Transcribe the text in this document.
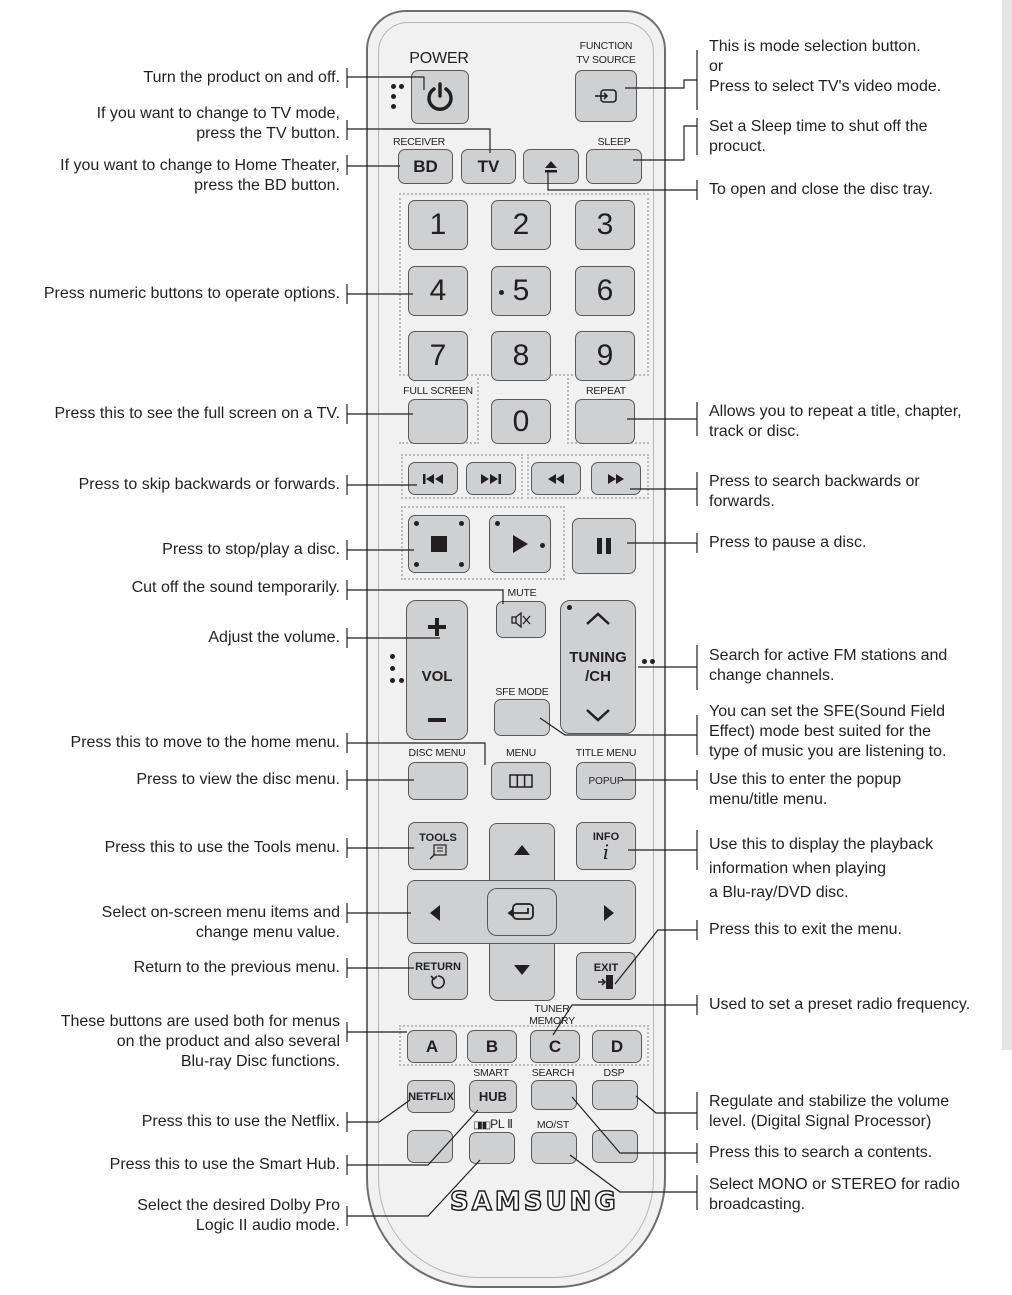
POWER
FUNCTION
TV SOURCE
RECEIVER	SLEEP
BD	TV
1	2	3
4	5	6
7	8	9
FULL SCREEN	REPEAT
0
MUTE
VOL
TUNING
/CH
SFE MODE
DISC MENU	MENU	TITLE MENU
POPUP
TOOLS	INFO
i
RETURN	EXIT
TUNER
MEMORY
A	B	C	D
SMART SEARCH	DSP
NETFLIX	HUB
◨◧PL Ⅱ MO/ST
SAMSUNG
Turn the product on and off.
If you want to change to TV mode,
press the TV button.
If you want to change to Home Theater,
press the BD button.
Press numeric buttons to operate options.
Press this to see the full screen on a TV.
Press to skip backwards or forwards.
Press to stop/play a disc.
Cut off the sound temporarily.
Adjust the volume.
Press this to move to the home menu.
Press to view the disc menu.
Press this to use the Tools menu.
Select on-screen menu items and
change menu value.
Return to the previous menu.
These buttons are used both for menus
on the product and also several
Blu-ray Disc functions.
Press this to use the Netflix.
Press this to use the Smart Hub.
Select the desired Dolby Pro
Logic II audio mode.
This is mode selection button.
or
Press to select TV's video mode.
Set a Sleep time to shut off the
procuct.
To open and close the disc tray.
Allows you to repeat a title, chapter,
track or disc.
Press to search backwards or
forwards.
Press to pause a disc.
Search for active FM stations and
change channels.
You can set the SFE(Sound Field
Effect) mode best suited for the
type of music you are listening to.
Use this to enter the popup
menu/title menu.
Use this to display the playback
information when playing
a Blu-ray/DVD disc.
Press this to exit the menu.
Used to set a preset radio frequency.
Regulate and stabilize the volume
level. (Digital Signal Processor)
Press this to search a contents.
Select MONO or STEREO for radio
broadcasting.
